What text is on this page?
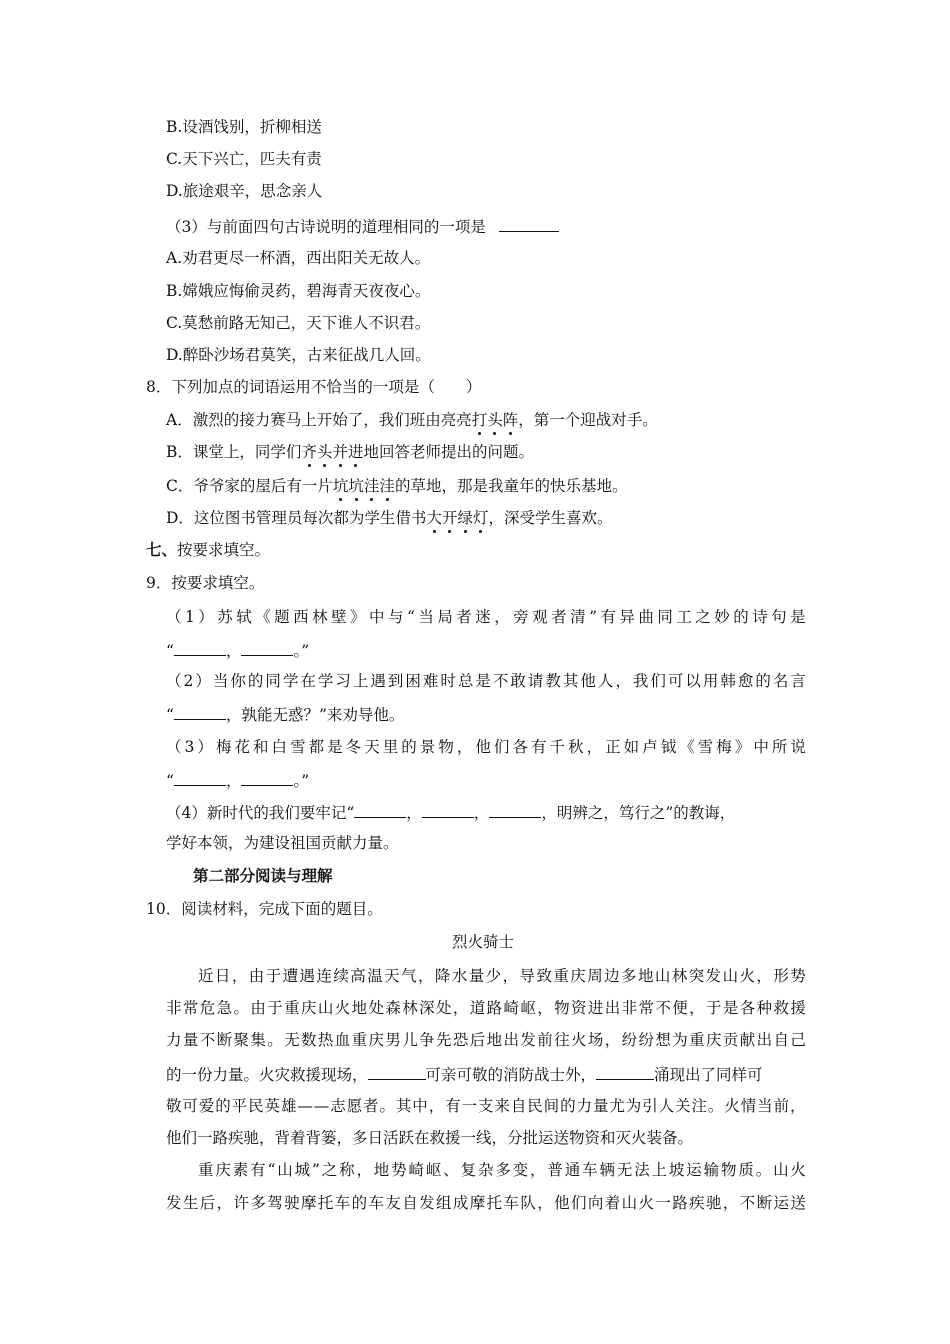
B.设酒饯别，折柳相送
C.天下兴亡，匹夫有责
D.旅途艰辛，思念亲人
（3）与前面四句古诗说明的道理相同的一项是
A.劝君更尽一杯酒，西出阳关无故人。
B.嫦娥应悔偷灵药，碧海青天夜夜心。
C.莫愁前路无知己，天下谁人不识君。
D.醉卧沙场君莫笑，古来征战几人回。
8．下列加点的词语运用不恰当的一项是（　　）
A．激烈的接力赛马上开始了，我们班由亮亮打头阵，第一个迎战对手。
B．课堂上，同学们齐头并进地回答老师提出的问题。
C．爷爷家的屋后有一片坑坑洼洼的草地，那是我童年的快乐基地。
D．这位图书管理员每次都为学生借书大开绿灯，深受学生喜欢。
七、按要求填空。
9．按要求填空。
（ 1 ） 苏 轼 《 题 西 林 壁 》 中 与 “ 当 局 者 迷 ， 旁 观 者 清 ” 有 异 曲 同 工 之 妙 的 诗 句 是
“	，	。”
（ 2 ） 当 你 的 同 学 在 学 习 上 遇 到 困 难 时 总 是 不 敢 请 教 其 他 人 ， 我 们 可 以 用 韩 愈 的 名 言
“	，孰能无惑？”来劝导他。
（ 3 ） 梅 花 和 白 雪 都 是 冬 天 里 的 景 物 ， 他 们 各 有 千 秋 ， 正 如 卢 钺 《 雪 梅 》 中 所 说
“	，	。”
（4）新时代的我们要牢记“	，	，	，明辨之，笃行之”的教诲，
学好本领，为建设祖国贡献力量。
第二部分阅读与理解
10．阅读材料，完成下面的题目。
烈火骑士
近 日 ， 由 于 遭 遇 连 续 高 温 天 气 ， 降 水 量 少 ， 导 致 重 庆 周 边 多 地 山 林 突 发 山 火 ， 形 势
非 常 危 急 。 由 于 重 庆 山 火 地 处 森 林 深 处 ， 道 路 崎 岖 ， 物 资 进 出 非 常 不 便 ， 于 是 各 种 救 援
力 量 不 断 聚 集 。 无 数 热 血 重 庆 男 儿 争 先 恐 后 地 出 发 前 往 火 场 ， 纷 纷 想 为 重 庆 贡 献 出 自 己
的一份力量。火灾救援现场，	可亲可敬的消防战士外，	涌现出了同样可
敬 可 爱 的 平 民 英 雄 — — 志 愿 者 。 其 中 ， 有 一 支 来 自 民 间 的 力 量 尤 为 引 人 关 注 。 火 情 当 前 ，
他们一路疾驰，背着背篓，多日活跃在救援一线，分批运送物资和灭火装备。
重 庆 素 有 “ 山 城 ” 之 称 ， 地 势 崎 岖 、 复 杂 多 变 ， 普 通 车 辆 无 法 上 坡 运 输 物 质 。 山 火
发 生 后 ， 许 多 驾 驶 摩 托 车 的 车 友 自 发 组 成 摩 托 车 队 ， 他 们 向 着 山 火 一 路 疾 驰 ， 不 断 运 送
